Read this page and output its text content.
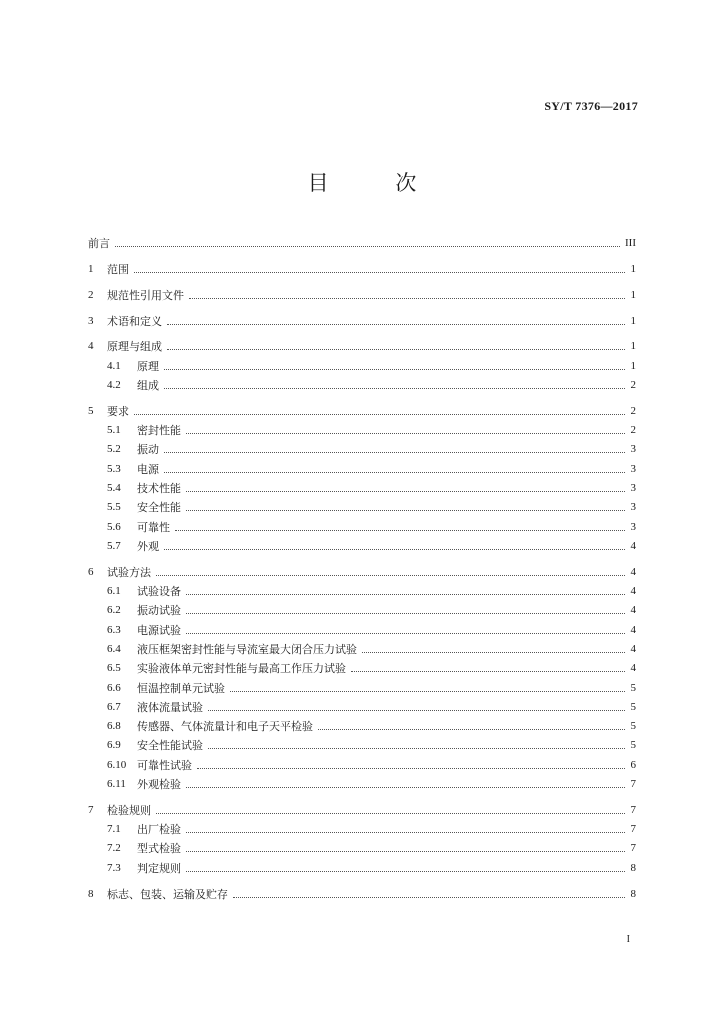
SY/T 7376—2017
目 次
前言	III
1	范围	1
2	规范性引用文件	1
3	术语和定义	1
4	原理与组成	1
4.1	原理	1
4.2	组成	2
5	要求	2
5.1	密封性能	2
5.2	振动	3
5.3	电源	3
5.4	技术性能	3
5.5	安全性能	3
5.6	可靠性	3
5.7	外观	4
6	试验方法	4
6.1	试验设备	4
6.2	振动试验	4
6.3	电源试验	4
6.4	液压框架密封性能与导流室最大闭合压力试验	4
6.5	实验液体单元密封性能与最高工作压力试验	4
6.6	恒温控制单元试验	5
6.7	液体流量试验	5
6.8	传感器、气体流量计和电子天平检验	5
6.9	安全性能试验	5
6.10 可靠性试验	6
6.11	外观检验	7
7	检验规则	7
7.1	出厂检验	7
7.2	型式检验	7
7.3	判定规则	8
8	标志、包装、运输及贮存	8
I
